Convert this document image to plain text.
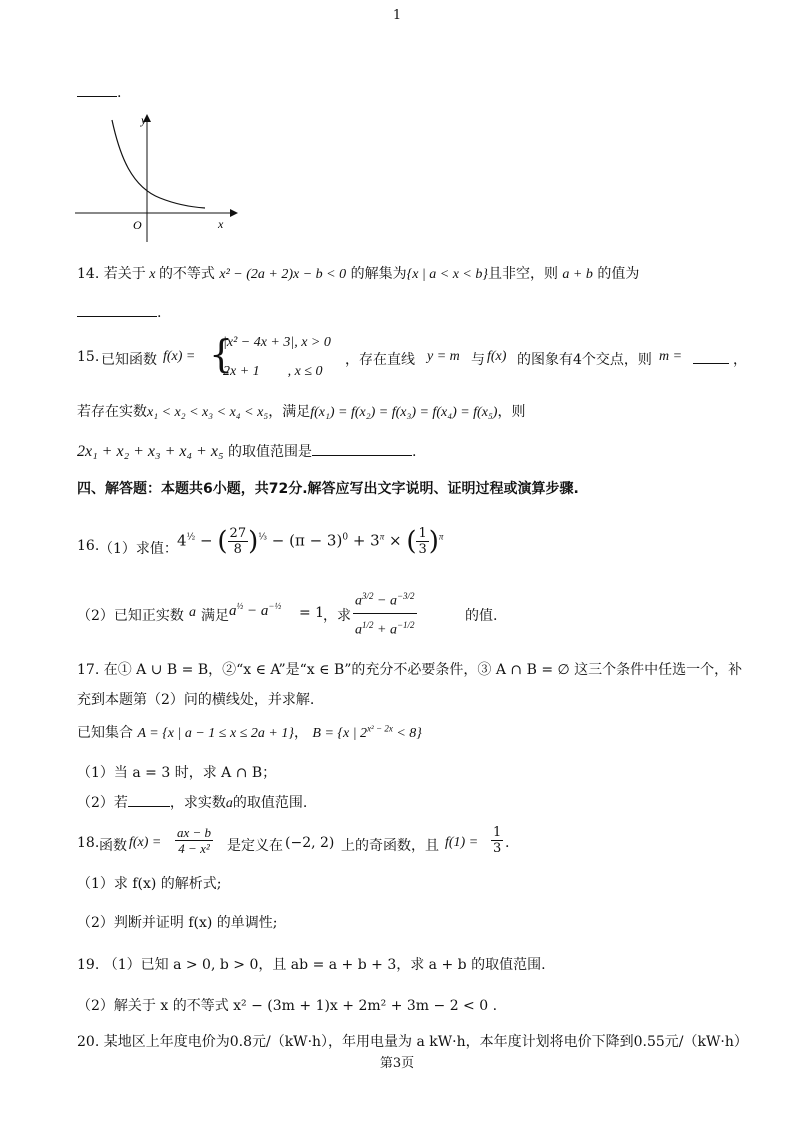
1
.
y
x
O
14. 若关于 x 的不等式 x² − (2a + 2)x − b < 0 的解集为{x | a < x < b}且非空，则 a + b 的值为
.
15. 已知函数 f(x) = {
|x² − 4x + 3|, x > 0
2x + 1　　, x ≤ 0
，存在直线 y = m 与 f(x) 的图象有4个交点，则 m =	，
若存在实数x₁ < x₂ < x₃ < x₄ < x₅，满足f(x₁) = f(x₂) = f(x₃) = f(x₄) = f(x₅)，则
2x₁ + x₂ + x₃ + x₄ + x₅ 的取值范围是	.
四、解答题：本题共6小题，共72分.解答应写出文字说明、证明过程或演算步骤.
16. （1）求值： $4^{\frac{1}{2}}$ − ( $\frac{27}{8} )^{\frac{1}{3}} - (\pi - 3)^0 + 3^\pi$ × ( $\frac{1}{3} )^\pi$
（2）已知正实数 a 满足 $a^{\frac{1}{2}} - a^{-\frac{1}{2}} = 1$
，求 $\frac{a^{3/2} - a^{-3/2}}{a^{1/2} + a^{-1/2}}$	的值.
17. 在① A ∪ B = B，②“x ∈ A”是“x ∈ B”的充分不必要条件，③ A ∩ B = ∅ 这三个条件中任选一个，补
充到本题第（2）问的横线处，并求解.
已知集合 A = {x | a − 1 ≤ x ≤ 2a + 1}， B = {x | $2^{x^2 - 2x} < 8$}
（1）当 a = 3 时，求 A ∩ B；
（2）若	，求实数a的取值范围.
18. 函数 $f(x) = \frac{ax - b}{\text{4 − x²}}$ 是定义在 (−2, 2) 上的奇函数，且 $f(1) = \frac{1}{3}$ .
（1）求 f(x) 的解析式;
（2）判断并证明 f(x) 的单调性;
19. （1）已知 a > 0, b > 0，且 ab = a + b + 3，求 a + b 的取值范围.
（2）解关于 x 的不等式 x² − (3m + 1)x + 2m² + 3m − 2 < 0 .
20. 某地区上年度电价为0.8元/（kW·h），年用电量为 a kW·h，本年度计划将电价下降到0.55元/（kW·h）
第3页
